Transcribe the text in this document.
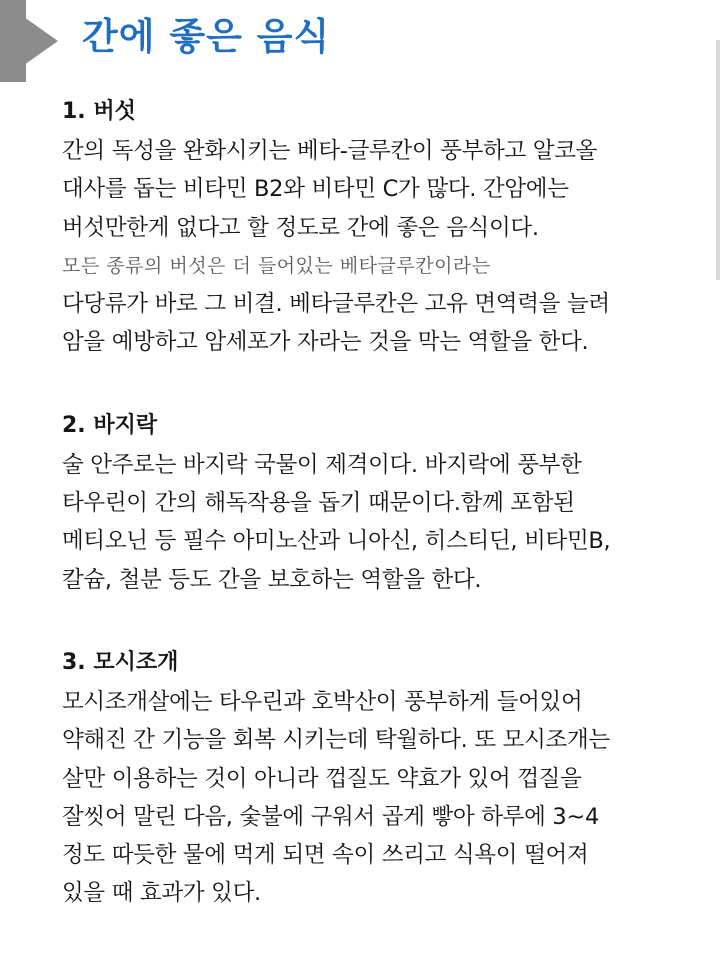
간에 좋은 음식
1. 버섯
간의 독성을 완화시키는 베타-글루칸이 풍부하고 알코올
대사를 돕는 비타민 B2와 비타민 C가 많다. 간암에는
버섯만한게 없다고 할 정도로 간에 좋은 음식이다.
모든 종류의 버섯은 더 들어있는 베타글루칸이라는
다당류가 바로 그 비결. 베타글루칸은 고유 면역력을 늘려
암을 예방하고 암세포가 자라는 것을 막는 역할을 한다.
2. 바지락
술 안주로는 바지락 국물이 제격이다. 바지락에 풍부한
타우린이 간의 해독작용을 돕기 때문이다.함께 포함된
메티오닌 등 필수 아미노산과 니아신, 히스티딘, 비타민B,
칼슘, 철분 등도 간을 보호하는 역할을 한다.
3. 모시조개
모시조개살에는 타우린과 호박산이 풍부하게 들어있어
약해진 간 기능을 회복 시키는데 탁월하다. 또 모시조개는
살만 이용하는 것이 아니라 껍질도 약효가 있어 껍질을
잘씻어 말린 다음, 숯불에 구워서 곱게 빻아 하루에 3~4
정도 따듯한 물에 먹게 되면 속이 쓰리고 식욕이 떨어져
있을 때 효과가 있다.
